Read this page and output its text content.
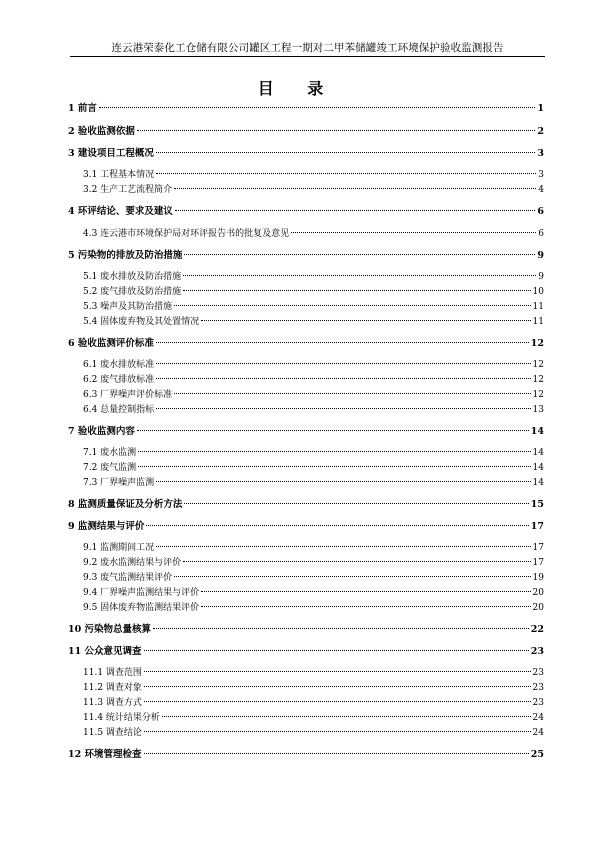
连云港荣泰化工仓储有限公司罐区工程一期对二甲苯储罐竣工环境保护验收监测报告
目 录
1 前言	1
2 验收监测依据	2
3 建设项目工程概况	3
3.1 工程基本情况	3
3.2 生产工艺流程简介	4
4 环评结论、要求及建议	6
4.3 连云港市环境保护局对环评报告书的批复及意见	6
5 污染物的排放及防治措施	9
5.1 废水排放及防治措施	9
5.2 废气排放及防治措施	10
5.3 噪声及其防治措施	11
5.4 固体废弃物及其处置情况	11
6 验收监测评价标准	12
6.1 废水排放标准	12
6.2 废气排放标准	12
6.3 厂界噪声评价标准	12
6.4 总量控制指标	13
7 验收监测内容	14
7.1 废水监测	14
7.2 废气监测	14
7.3 厂界噪声监测	14
8 监测质量保证及分析方法	15
9 监测结果与评价	17
9.1 监测期间工况	17
9.2 废水监测结果与评价	17
9.3 废气监测结果评价	19
9.4 厂界噪声监测结果与评价	20
9.5 固体废弃物监测结果评价	20
10 污染物总量核算	22
11 公众意见调查	23
11.1 调查范围	23
11.2 调查对象	23
11.3 调查方式	23
11.4 统计结果分析	24
11.5 调查结论	24
12 环境管理检查	25
